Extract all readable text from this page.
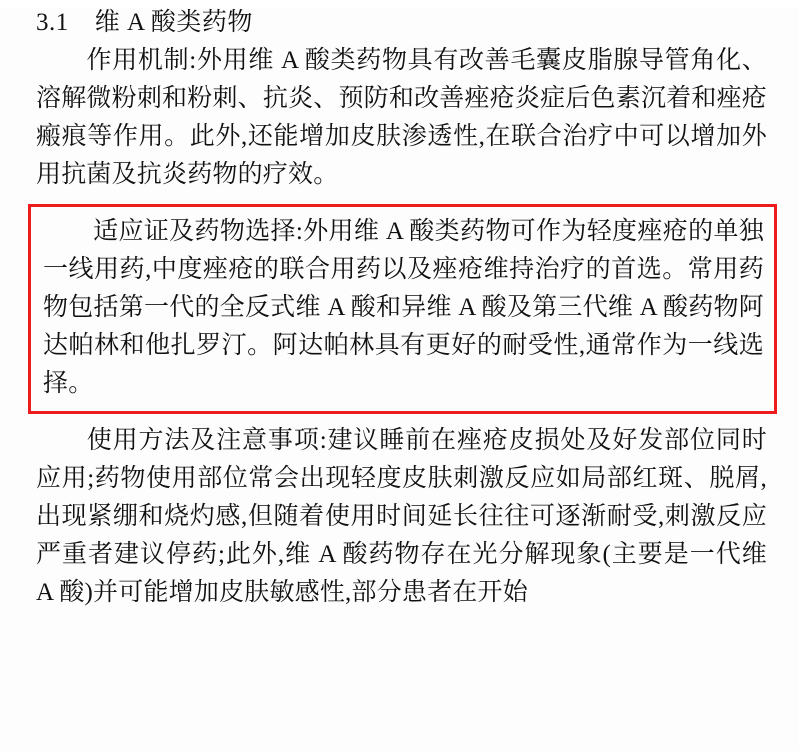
3.1 维 A 酸类药物
作用机制:外用维 A 酸类药物具有改善毛囊皮脂腺导管角化、溶解微粉刺和粉刺、抗炎、预防和改善痤疮炎症后色素沉着和痤疮瘢痕等作用。此外,还能增加皮肤渗透性,在联合治疗中可以增加外用抗菌及抗炎药物的疗效。
适应证及药物选择:外用维 A 酸类药物可作为轻度痤疮的单独一线用药,中度痤疮的联合用药以及痤疮维持治疗的首选。常用药物包括第一代的全反式维 A 酸和异维 A 酸及第三代维 A 酸药物阿达帕林和他扎罗汀。阿达帕林具有更好的耐受性,通常作为一线选择。
使用方法及注意事项:建议睡前在痤疮皮损处及好发部位同时应用;药物使用部位常会出现轻度皮肤刺激反应如局部红斑、脱屑,出现紧绷和烧灼感,但随着使用时间延长往往可逐渐耐受,刺激反应严重者建议停药;此外,维 A 酸药物存在光分解现象(主要是一代维 A 酸)并可能增加皮肤敏感性,部分患者在开始
